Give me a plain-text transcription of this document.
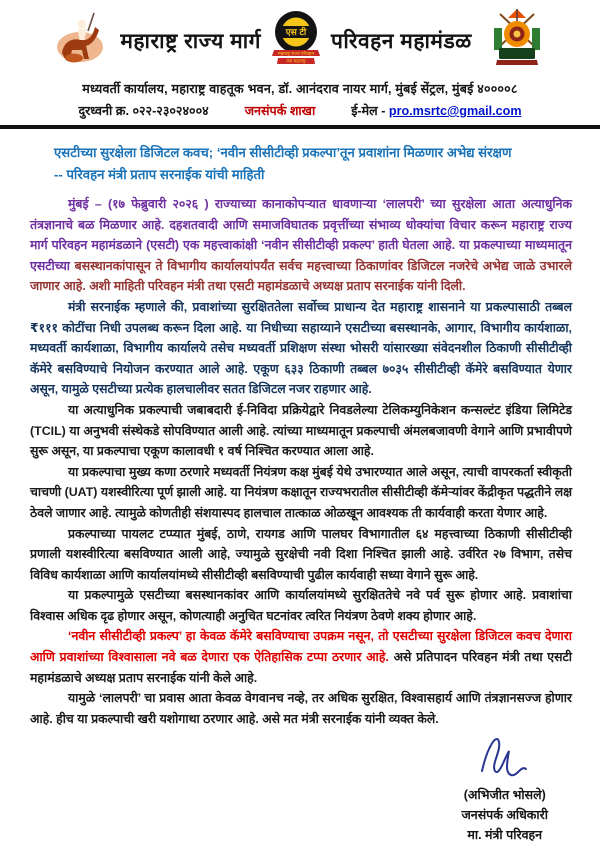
महाराष्ट्र राज्य मार्ग	एस टी
महाराष्ट्र राज्य परिवहन
जय महाराष्ट्र
परिवहन महामंडळ
मध्यवर्ती कार्यालय, महाराष्ट्र वाहतूक भवन, डॉ. आनंदराव नायर मार्ग, मुंबई सेंट्रल, मुंबई ४००००८
दुरध्वनी क्र. ०२२-२३०२४००४	जनसंपर्क शाखा	ई-मेल - pro.msrtc@gmail.com
एसटीच्या सुरक्षेला डिजिटल कवच; ‘नवीन सीसीटीव्ही प्रकल्पा’तून प्रवाशांना मिळणार अभेद्य संरक्षण
-- परिवहन मंत्री प्रताप सरनाईक यांची माहिती

मुंबई – (१७ फेब्रुवारी २०२६ ) राज्याच्या कानाकोपऱ्यात धावणाऱ्या ‘लालपरी’ च्या सुरक्षेला आता अत्याधुनिक तंत्रज्ञानाचे बळ मिळणार आहे. दहशतवादी आणि समाजविघातक प्रवृत्तींच्या संभाव्य धोक्यांचा विचार करून महाराष्ट्र राज्य मार्ग परिवहन महामंडळाने (एसटी) एक महत्त्वाकांक्षी ‘नवीन सीसीटीव्ही प्रकल्प’ हाती घेतला आहे. या प्रकल्पाच्या माध्यमातून एसटीच्या बसस्थानकांपासून ते विभागीय कार्यालयांपर्यंत सर्वच महत्त्वाच्या ठिकाणांवर डिजिटल नजरेचे अभेद्य जाळे उभारले जाणार आहे. अशी माहिती परिवहन मंत्री तथा एसटी महामंडळाचे अध्यक्ष प्रताप सरनाईक यांनी दिली.

मंत्री सरनाईक म्हणाले की, प्रवाशांच्या सुरक्षिततेला सर्वोच्च प्राधान्य देत महाराष्ट्र शासनाने या प्रकल्पासाठी तब्बल ₹१११ कोटींचा निधी उपलब्ध करून दिला आहे. या निधीच्या सहाय्याने एसटीच्या बसस्थानके, आगार, विभागीय कार्यशाळा, मध्यवर्ती कार्यशाळा, विभागीय कार्यालये तसेच मध्यवर्ती प्रशिक्षण संस्था भोसरी यांसारख्या संवेदनशील ठिकाणी सीसीटीव्ही कॅमेरे बसविण्याचे नियोजन करण्यात आले आहे. एकूण ६३३ ठिकाणी तब्बल ७०३५ सीसीटीव्ही कॅमेरे बसविण्यात येणार असून, यामुळे एसटीच्या प्रत्येक हालचालीवर सतत डिजिटल नजर राहणार आहे.

या अत्याधुनिक प्रकल्पाची जबाबदारी ई-निविदा प्रक्रियेद्वारे निवडलेल्या टेलिकम्युनिकेशन कन्सल्टंट इंडिया लिमिटेड (TCIL) या अनुभवी संस्थेकडे सोपविण्यात आली आहे. त्यांच्या माध्यमातून प्रकल्पाची अंमलबजावणी वेगाने आणि प्रभावीपणे सुरू असून, या प्रकल्पाचा एकूण कालावधी १ वर्ष निश्चित करण्यात आला आहे.

या प्रकल्पाचा मुख्य कणा ठरणारे मध्यवर्ती नियंत्रण कक्ष मुंबई येथे उभारण्यात आले असून, त्याची वापरकर्ता स्वीकृती चाचणी (UAT) यशस्वीरित्या पूर्ण झाली आहे. या नियंत्रण कक्षातून राज्यभरातील सीसीटीव्ही कॅमेऱ्यांवर केंद्रीकृत पद्धतीने लक्ष ठेवले जाणार आहे. त्यामुळे कोणतीही संशयास्पद हालचाल तात्काळ ओळखून आवश्यक ती कार्यवाही करता येणार आहे.

प्रकल्पाच्या पायलट टप्प्यात मुंबई, ठाणे, रायगड आणि पालघर विभागातील ६४ महत्त्वाच्या ठिकाणी सीसीटीव्ही प्रणाली यशस्वीरित्या बसविण्यात आली आहे, ज्यामुळे सुरक्षेची नवी दिशा निश्चित झाली आहे. उर्वरित २७ विभाग, तसेच विविध कार्यशाळा आणि कार्यालयांमध्ये सीसीटीव्ही बसविण्याची पुढील कार्यवाही सध्या वेगाने सुरू आहे.

या प्रकल्पामुळे एसटीच्या बसस्थानकांवर आणि कार्यालयांमध्ये सुरक्षिततेचे नवे पर्व सुरू होणार आहे. प्रवाशांचा विश्वास अधिक दृढ होणार असून, कोणत्याही अनुचित घटनांवर त्वरित नियंत्रण ठेवणे शक्य होणार आहे.

‘नवीन सीसीटीव्ही प्रकल्प’ हा केवळ कॅमेरे बसविण्याचा उपक्रम नसून, तो एसटीच्या सुरक्षेला डिजिटल कवच देणारा आणि प्रवाशांच्या विश्वासाला नवे बळ देणारा एक ऐतिहासिक टप्पा ठरणार आहे. असे प्रतिपादन परिवहन मंत्री तथा एसटी महामंडळाचे अध्यक्ष प्रताप सरनाईक यांनी केले आहे.

यामुळे ‘लालपरी’ चा प्रवास आता केवळ वेगवानच नव्हे, तर अधिक सुरक्षित, विश्वासहार्य आणि तंत्रज्ञानसज्ज होणार आहे. हीच या प्रकल्पाची खरी यशोगाथा ठरणार आहे. असे मत मंत्री सरनाईक यांनी व्यक्त केले.

(अभिजीत भोसले)
जनसंपर्क अधिकारी
मा. मंत्री परिवहन
